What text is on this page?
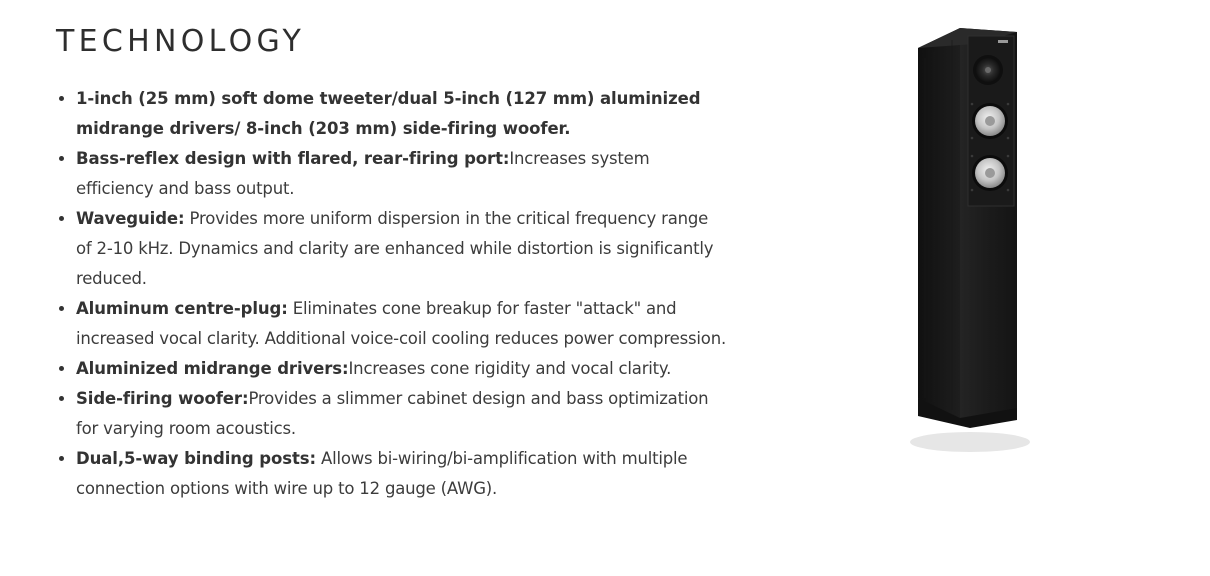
TECHNOLOGY
1-inch (25 mm) soft dome tweeter/dual 5-inch (127 mm) aluminized midrange drivers/ 8-inch (203 mm) side-firing woofer.
Bass-reflex design with flared, rear-firing port:Increases system efficiency and bass output.
Waveguide: Provides more uniform dispersion in the critical frequency range of 2-10 kHz. Dynamics and clarity are enhanced while distortion is significantly reduced.
Aluminum centre-plug: Eliminates cone breakup for faster "attack" and increased vocal clarity. Additional voice-coil cooling reduces power compression.
Aluminized midrange drivers:Increases cone rigidity and vocal clarity.
Side-firing woofer:Provides a slimmer cabinet design and bass optimization for varying room acoustics.
Dual,5-way binding posts: Allows bi-wiring/bi-amplification with multiple connection options with wire up to 12 gauge (AWG).
